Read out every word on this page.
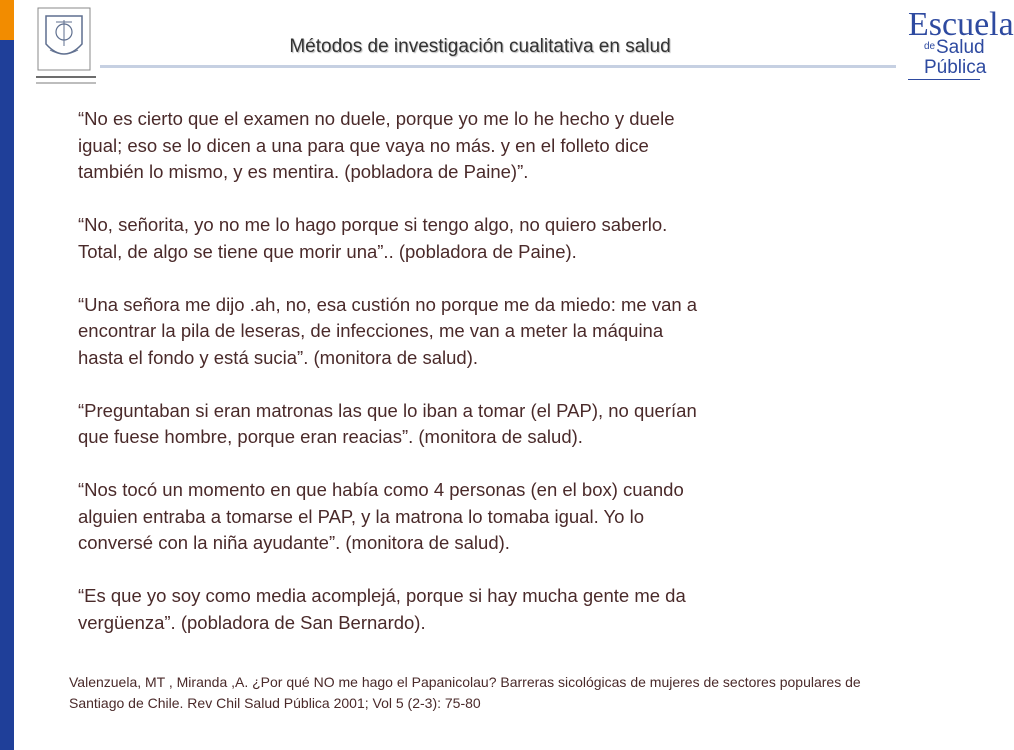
Métodos de investigación cualitativa en salud
Escuela
de Salud
Pública

“No es cierto que el examen no duele, porque yo me lo he hecho y duele
igual; eso se lo dicen a una para que vaya no más. y en el folleto dice
también lo mismo, y es mentira. (pobladora de Paine)”.

“No, señorita, yo no me lo hago porque si tengo algo, no quiero saberlo.
Total, de algo se tiene que morir una”.. (pobladora de Paine).

“Una señora me dijo .ah, no, esa custión no porque me da miedo: me van a
encontrar la pila de leseras, de infecciones, me van a meter la máquina
hasta el fondo y está sucia”. (monitora de salud).

“Preguntaban si eran matronas las que lo iban a tomar (el PAP), no querían
que fuese hombre, porque eran reacias”. (monitora de salud).

“Nos tocó un momento en que había como 4 personas (en el box) cuando
alguien entraba a tomarse el PAP, y la matrona lo tomaba igual. Yo lo
conversé con la niña ayudante”. (monitora de salud).

“Es que yo soy como media acomplejá, porque si hay mucha gente me da
vergüenza”. (pobladora de San Bernardo).

Valenzuela, MT , Miranda ,A. ¿Por qué NO me hago el Papanicolau? Barreras sicológicas de mujeres de sectores populares de
Santiago de Chile. Rev Chil Salud Pública 2001; Vol 5 (2-3): 75-80
